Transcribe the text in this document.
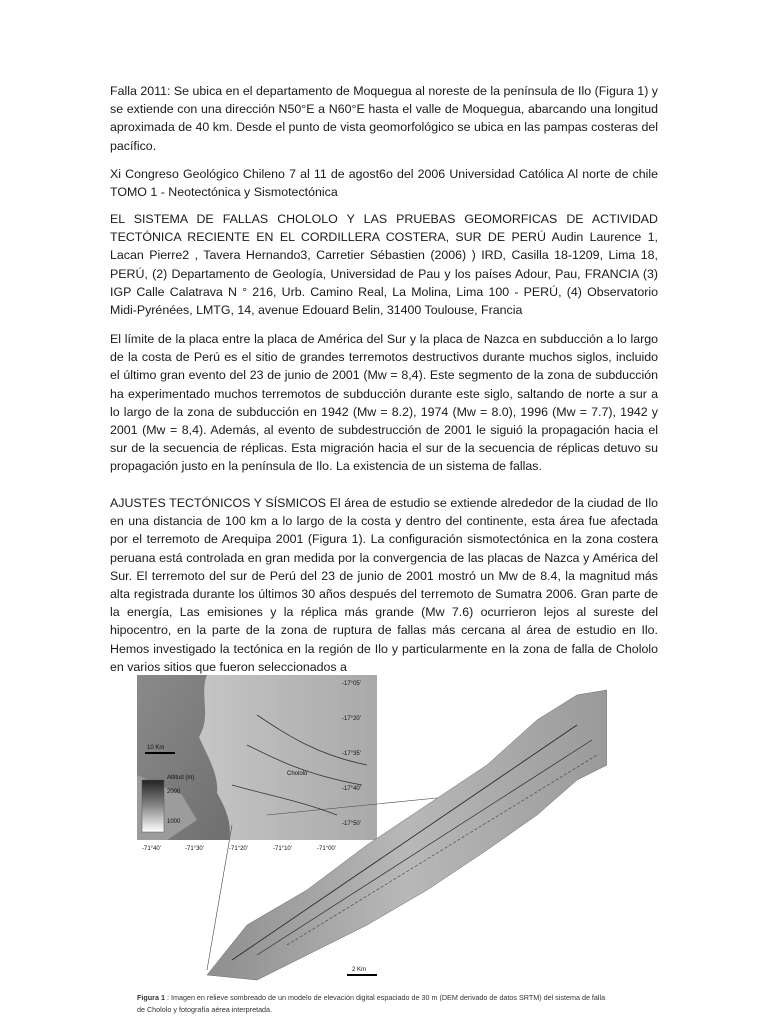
Falla 2011: Se ubica en el departamento de Moquegua al noreste de la península de Ilo (Figura 1) y se extiende con una dirección N50°E a N60°E hasta el valle de Moquegua, abarcando una longitud aproximada de 40 km. Desde el punto de vista geomorfológico se ubica en las pampas costeras del pacífico.

Xi Congreso Geológico Chileno 7 al 11 de agost6o del 2006 Universidad Católica Al norte de chile TOMO 1 - Neotectónica y Sismotectónica

EL SISTEMA DE FALLAS CHOLOLO Y LAS PRUEBAS GEOMORFICAS DE ACTIVIDAD TECTÓNICA RECIENTE EN EL CORDILLERA COSTERA, SUR DE PERÚ Audin Laurence 1, Lacan Pierre2 , Tavera Hernando3, Carretier Sébastien (2006) ) IRD, Casilla 18-1209, Lima 18, PERÚ, (2) Departamento de Geología, Universidad de Pau y los países Adour, Pau, FRANCIA (3) IGP Calle Calatrava N ° 216, Urb. Camino Real, La Molina, Lima 100 - PERÚ, (4) Observatorio Midi-Pyrénées, LMTG, 14, avenue Edouard Belin, 31400 Toulouse, Francia

El límite de la placa entre la placa de América del Sur y la placa de Nazca en subducción a lo largo de la costa de Perú es el sitio de grandes terremotos destructivos durante muchos siglos, incluido el último gran evento del 23 de junio de 2001 (Mw = 8,4). Este segmento de la zona de subducción ha experimentado muchos terremotos de subducción durante este siglo, saltando de norte a sur a lo largo de la zona de subducción en 1942 (Mw = 8.2), 1974 (Mw = 8.0), 1996 (Mw = 7.7), 1942 y 2001 (Mw = 8,4). Además, al evento de subdestrucción de 2001 le siguió la propagación hacia el sur de la secuencia de réplicas. Esta migración hacia el sur de la secuencia de réplicas detuvo su propagación justo en la península de Ilo. La existencia de un sistema de fallas.

AJUSTES TECTÓNICOS Y SÍSMICOS El área de estudio se extiende alrededor de la ciudad de Ilo en una distancia de 100 km a lo largo de la costa y dentro del continente, esta área fue afectada por el terremoto de Arequipa 2001 (Figura 1). La configuración sismotectónica en la zona costera peruana está controlada en gran medida por la convergencia de las placas de Nazca y América del Sur. El terremoto del sur de Perú del 23 de junio de 2001 mostró un Mw de 8.4, la magnitud más alta registrada durante los últimos 30 años después del terremoto de Sumatra 2006. Gran parte de la energía, Las emisiones y la réplica más grande (Mw 7.6) ocurrieron lejos al sureste del hipocentro, en la parte de la zona de ruptura de fallas más cercana al área de estudio en Ilo. Hemos investigado la tectónica en la región de Ilo y particularmente en la zona de falla de Chololo en varios sitios que fueron seleccionados a

Chololo
Altitud (m)
1000
2000
10 Km
-17°05'
-17°20'
-17°35'
-17°40'
-17°50'
-71°40'	-71°30'	-71°20'	-71°10'	-71°00'
2 Km

Figura 1 : Imagen en relieve sombreado de un modelo de elevación digital espaciado de 30 m (DEM derivado de datos SRTM) del sistema de falla de Chololo y fotografía aérea interpretada.
